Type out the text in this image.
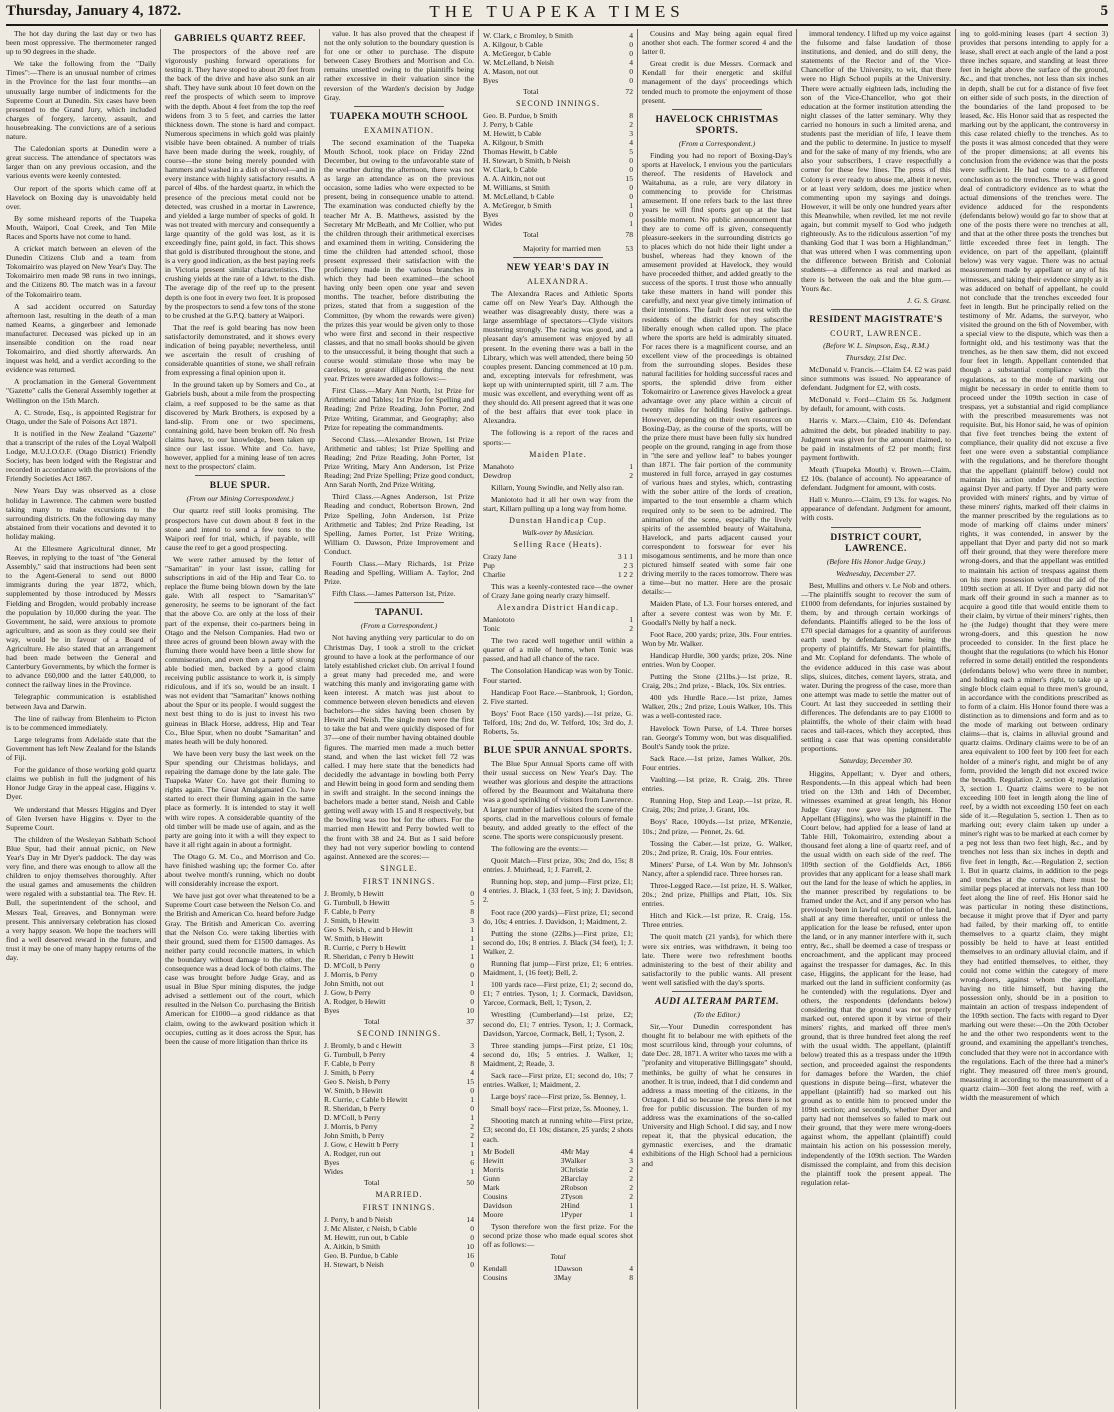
Thursday, January 4, 1872.	THE TUAPEKA TIMES	5

The hot day during the last day or two has been most oppressive. The thermometer ranged up to 90 degrees in the shade.

We take the following from the "Daily Times":—There is an unusual number of crimes in the Province for the last four months—an unusually large number of indictments for the Supreme Court at Dunedin. Six cases have been presented to the Grand Jury, which included charges of forgery, larceny, assault, and housebreaking. The convictions are of a serious nature.

The Caledonian sports at Dunedin were a great success. The attendance of spectators was larger than on any previous occasion, and the various events were keenly contested.

Our report of the sports which came off at Havelock on Boxing day is unavoidably held over.

By some misheard reports of the Tuapeka Mouth, Waipori, Coal Creek, and Ten Mile Races and Sports have not come to hand.

A cricket match between an eleven of the Dunedin Citizens Club and a team from Tokomairiro was played on New Year's Day. The Tokomairiro men made 98 runs in two innings, and the Citizens 80. The match was in a favour of the Tokomairiro team.

A sad accident occurred on Saturday afternoon last, resulting in the death of a man named Kearns, a gingerbeer and lemonade manufacturer. Deceased was picked up in an insensible condition on the road near Tokomairiro, and died shortly afterwards. An inquest was held, and a verdict according to the evidence was returned.

A proclamation in the General Government "Gazette" calls the General Assembly together at Wellington on the 15th March.

A. C. Strode, Esq., is appointed Registrar for Otago, under the Sale of Poisons Act 1871.

It is notified in the New Zealand "Gazette" that a transcript of the rules of the Loyal Walpoll Lodge, M.U.I.O.O.F. (Otago District) Friendly Society, has been lodged with the Registrar and recorded in accordance with the provisions of the Friendly Societies Act 1867.

New Years Day was observed as a close holiday in Lawrence. The cabmen were bustled taking many to make excursions to the surrounding districts. On the following day many abstained from their vocations and devoted it to holiday making.

At the Ellesmere Agricultural dinner, Mr Reeves, in replying to the toast of "the General Assembly," said that instructions had been sent to the Agent-General to send out 8000 immigrants during the year 1872, which, supplemented by those introduced by Messrs Fielding and Brogden, would probably increase the population by 10,000 during the year. The Government, he said, were anxious to promote agriculture, and as soon as they could see their way, would be in favour of a Board of Agriculture. He also stated that an arrangement had been made between the General and Canterbury Governments, by which the former is to advance £60,000 and the latter £40,000, to connect the railway lines in the Province.

Telegraphic communication is established between Java and Darwin.

The line of railway from Blenheim to Picton is to be commenced immediately.

Large telegrams from Adelaide state that the Government has left New Zealand for the Islands of Fiji.

For the guidance of those working gold quartz claims we publish in full the judgment of his Honor Judge Gray in the appeal case, Higgins v. Dyer.

We understand that Messrs Higgins and Dyer of Glen Iversen have Higgins v. Dyer to the Supreme Court.

The children of the Wesleyan Sabbath School Blue Spur, had their annual picnic, on New Year's Day in Mr Dyer's paddock. The day was very fine, and there was enough to allow all the children to enjoy themselves thoroughly. After the usual games and amusements the children were regaled with a substantial tea. The Rev. H. Bull, the superintendent of the school, and Messrs Teal, Greaves, and Bonnyman were present. This anniversary celebration has closed a very happy season. We hope the teachers will find a well deserved reward in the future, and trust it may be one of many happy returns of the day.

GABRIELS QUARTZ REEF.

The prospectors of the above reef are vigorously pushing forward operations for testing it. They have stoped to about 20 feet from the back of the drive and have also sunk an air shaft. They have sunk about 10 feet down on the reef the prospects of which seem to improve with the depth. About 4 feet from the top the reef widens from 3 to 5 feet, and carries the latter thickness down. The stone is hard and compact. Numerous specimens in which gold was plainly visible have been obtained. A number of trials have been made during the week, roughly, of course—the stone being merely pounded with hammers and washed in a dish or shovel—and in every instance with highly satisfactory results. A parcel of 4lbs. of the hardest quartz, in which the presence of the precious metal could not be detected, was crushed in a mortar in Lawrence, and yielded a large number of specks of gold. It was not treated with mercury and consequently a large quantity of the gold was lost, as it is exceedingly fine, paint gold, in fact. This shows that gold is distributed throughout the stone, and is a very good indication, as the best paying reefs in Victoria present similar characteristics. The crushing yields at the rate of a 1dwt. to the dish. The average dip of the reef up to the present depth is one foot in every two feet. It is proposed by the prospectors to send a few tons of the stone to be crushed at the G.P.Q. battery at Waipori.

That the reef is gold bearing has now been satisfactorily demonstrated, and it shows every indication of being payable; nevertheless, until we ascertain the result of crushing of considerable quantities of stone, we shall refrain from expressing a final opinion upon it.

In the ground taken up by Somers and Co., at Gabriels bush, about a mile from the prospecting claim, a reef supposed to be the same as that discovered by Mark Brothers, is exposed by a land-slip. From one or two specimens, containing gold, have been broken off. No fresh claims have, to our knowledge, been taken up since our last issue. White and Co. have, however, applied for a mining lease of ten acres next to the prospectors' claim.

BLUE SPUR.

(From our Mining Correspondent.)

Our quartz reef still looks promising. The prospectors have cut down about 8 feet in the stone and intend to send a few tons to the Waipori reef for trial, which, if payable, will cause the reef to get a good prospecting.

We were rather amused by the letter of "Samaritan" in your last issue, calling for subscriptions in aid of the Hip and Tear Co. to replace the flume being blown down by the late gale. With all respect to "Samaritan's" generosity, he seems to be ignorant of the fact that the above Co. are only at the loss of their part of the expense, their co-partners being in Otago and the Nelson Companies. Had two or three acres of ground been blown away with the fluming there would have been a little show for commiseration, and even then a party of strong able bodied men, backed by a good claim receiving public assistance to work it, is simply ridiculous, and if it's so, would be an insult. I was not evident that "Samaritan" knows nothing about the Spur or its people. I would suggest the next best thing to do is just to invest his two guineas in Black Horse, address, Hip and Tear Co., Blue Spur, when no doubt "Samaritan" and mates heath will be duly honored.

We have been very busy the last week on the Spur spending our Christmas holidays, and repairing the damage done by the late gale. The Tuapeka Water Co. have got their fluming to rights again. The Great Amalgamated Co. have started to erect their fluming again in the same place as formerly. It is intended to stay it well with wire ropes. A considerable quantity of the old timber will be made use of again, and as the party are going into it with a will they expect to have it all right again in about a fortnight.

The Otago G. M. Co., and Morrison and Co. have finished washing up; the former Co. after about twelve month's running, which no doubt will considerably increase the export.

We have just got over what threatened to be a Supreme Court case between the Nelson Co. and the British and American Co. heard before Judge Gray. The British and American Co. averring that the Nelson Co. were taking liberties with their ground, sued them for £1500 damages. As neither party could reconcile matters, in which the boundary without damage to the other, the consequence was a dead lock of both claims. The case was brought before Judge Gray, and as usual in Blue Spur mining disputes, the judge advised a settlement out of the court, which resulted in the Nelson Co. purchasing the British American for £1000—a good riddance as that claim, owing to the awkward position which it occupies, cutting as it does across the Spur, has been the cause of more litigation than thrice its

value. It has also proved that the cheapest if not the only solution to the boundary question is for one or other to purchase. The dispute between Casey Brothers and Morrison and Co. remains unsettled owing to the plaintiffs being rather excessive in their valuation since the reversion of the Warden's decision by Judge Gray.

TUAPEKA MOUTH SCHOOL
EXAMINATION.

The second examination of the Tuapeka Mouth School, took place on Friday 22nd December, but owing to the unfavorable state of the weather during the afternoon, there was not as large an attendance as on the previous occasion, some ladies who were expected to be present, being in consequence unable to attend. The examination was conducted chiefly by the teacher Mr A. B. Matthews, assisted by the Secretary Mr McBeath, and Mr Collier, who put the children through their arithmetical exercises and examined them in writing. Considering the time the children had attended school, those present expressed their satisfaction with the proficiency made in the various branches in which they had been examined—the school having only been open one year and seven months. The teacher, before distributing the prizes, stated that from a suggestion of the Committee, (by whom the rewards were given) the prizes this year would be given only to those who were first and second in their respective classes, and that no small books should be given to the unsuccessful, it being thought that such a course would stimulate those who may be careless, to greater diligence during the next year. Prizes were awarded as follows:—

First Class.—Mary Ann North, 1st Prize for Arithmetic and Tables; 1st Prize for Spelling and Reading; 2nd Prize Reading, John Porter, 2nd Prize Writing, Grammar, and Geography; also Prize for repeating the commandments.

Second Class.—Alexander Brown, 1st Prize Arithmetic and tables; 1st Prize Spelling and Reading; 2nd Prize Reading, John Porter, 1st Prize Writing, Mary Ann Anderson, 1st Prize Reading; 2nd Prize Spelling; Prize good conduct, Ann Sarah North, 2nd Prize Writing.

Third Class.—Agnes Anderson, 1st Prize Reading and conduct, Robertson Brown, 2nd Prize Spelling, John Anderson, 1st Prize Arithmetic and Tables; 2nd Prize Reading, 1st Spelling, James Porter, 1st Prize Writing, William O. Dawson, Prize Improvement and Conduct.

Fourth Class.—Mary Richards, 1st Prize Reading and Spelling, William A. Taylor, 2nd Prize.

Fifth Class.—James Patterson 1st, Prize.

TAPANUI.

(From a Correspondent.)

Not having anything very particular to do on Christmas Day, I took a stroll to the cricket ground to have a look at the performance of our lately established cricket club. On arrival I found a great many had preceded me, and were watching this manly and invigorating game with keen interest. A match was just about to commence between eleven benedicts and eleven bachelors—the sides having been chosen by Hewitt and Neish. The single men were the first to take the bat and were quickly disposed of for 37—one of their number having obtained double figures. The married men made a much better stand, and when the last wicket fell 72 was called. I may here state that the benedicts had decidedly the advantage in bowling both Perry and Hewitt being in good form and sending them in swift and straight. In the second innings the bachelors made a better stand, Neish and Cable getting well away with 15 and 8 respectively, but the bowling was too hot for the others. For the married men Hewitt and Perry bowled well to the front with 38 and 24. But as I said before they had not very superior bowling to contend against. Annexed are the scores:—

SINGLE.
FIRST INNINGS.
J. Bromly, b Hewitt	0
G. Turnbull, b Hewitt	5
F. Cable, b Perry	8
J. Smith, b Hewitt	3
Geo S. Neish, c and b Hewitt	1
W. Smith, b Hewitt	1
R. Currie, c Perry b Hewitt	1
R. Sheridan, c Perry b Hewitt	1
D. M'Coll, b Perry	0
J. Morris, b Perry	0
John Smith, not out	1
J. Gow, b Perry	0
A. Rodger, b Hewitt	0
Byes	10
Total	37
SECOND INNINGS.
J. Bromly, b and c Hewitt	3
G. Turnbull, b Perry	4
F. Cable, b Perry	8
J. Smith, b Perry	4
Geo S. Neish, b Perry	15
W. Smith, b Hewitt	0
R. Currie, c Cable b Hewitt	1
R. Sheridan, b Perry	0
D. M'Coll, b Perry	1
J. Morris, b Perry	2
John Smith, b Perry	2
J. Gow, c Hewitt b Perry	1
A. Rodger, run out	1
Byes	6
Wides	1
Total	50
MARRIED.
FIRST INNINGS.
J. Perry, b and b Neish	14
J. Mc Alister, c Neish, b Cable	0
M. Hewitt, run out, b Cable	0
A. Aitkin, b Smith	10
Geo. B. Purdue, b Cable	16
H. Stewart, b Neish	0
W. Clark, c Bromley, b Smith	4
A. Kilgour, b Cable	0
A. McGregor, b Cable	0
W. McLelland, b Neish	4
A. Mason, not out	0
Byes	0
Total	72
SECOND INNINGS.
Geo. B. Purdue, b Smith	8
J. Perry, b Cable	2
M. Hewitt, b Cable	3
A. Kilgour, b Smith	4
Thomas Hewitt, b Cable	5
H. Stewart, b Smith, b Neish	0
W. Clark, b Cable	0
A. A. Aitkin, not out	15
M. Williams, st Smith	0
M. McLelland, b Cable	0
A. McGregor, b Smith	1
Byes	0
Wides	1
Total	78
Majority for married men	53
NEW YEAR'S DAY IN
ALEXANDRA.

The Alexandra Races and Athletic Sports came off on New Year's Day. Although the weather was disagreeably dusty, there was a large assemblage of spectators—Clyde visitors mustering strongly. The racing was good, and a pleasant day's amusement was enjoyed by all present. In the evening there was a ball in the Library, which was well attended, there being 50 couples present. Dancing commenced at 10 p.m. and, excepting intervals for refreshment, was kept up with uninterrupted spirit, till 7 a.m. The music was excellent, and everything went off as they should do. All present agreed that it was one of the best affairs that ever took place in Alexandra.

The following is a report of the races and sports:—

Maiden Plate.
Manahoto	1
Dewdrop	2

Killarn, Young Swindle, and Nelly also ran.

Maniototo had it all her own way from the start, Killarn pulling up a long way from home.

Dunstan Handicap Cup.

Walk-over by Musician.

Selling Race (Heats).
Crazy Jane	3 1 1
Pup	2 3
Charlie	1 2 2

This was a keenly-contested race—the owner of Crazy Jane going nearly crazy himself.

Alexandra District Handicap.
Maniototo	1
Tonic	2

The two raced well together until within a quarter of a mile of home, when Tonic was passed, and had all chance of the race.

The Consolation Handicap was won by Tonic. Four started.

Handicap Foot Race.—Stanbrook, 1; Gordon, 2. Five started.

Boys' Foot Race (150 yards).—1st prize, G. Telford, 10s; 2nd do, W. Telford, 10s; 3rd do, J. Roberts, 5s.

BLUE SPUR ANNUAL SPORTS.

The Blue Spur Annual Sports came off with their usual success on New Year's Day. The weather was glorious and despite the attractions offered by the Beaumont and Waitahuna there was a good sprinkling of visitors from Lawrence. A larger number of ladies visited the scene of the sports, clad in the marvellous colours of female beauty, and added greatly to the effect of the scene. The sports were conspicuously present.

The following are the events:—

Quoit Match—First prize, 30s; 2nd do, 15s; 8 entries. J. Muirhead, 1; J. Farrell, 2.

Running hop, step, and jump—First prize, £1; 4 entries. J. Black, 1 (33 feet, 5 in); J. Davidson, 2.

Foot race (200 yards)—First prize, £1; second do, 10s; 4 entries. J. Davidson, 1; Maidment, 2.

Putting the stone (22lbs.)—First prize, £1; second do, 10s; 8 entries. J. Black (34 feet), 1; J. Walker, 2.

Running flat jump—First prize, £1; 6 entries. Maidment, 1, (16 feet); Bell, 2.

100 yards race—First prize, £1; 2; second do, £1; 7 entries. Tyson, 1; J. Cormack, Davidson, Yarcoe, Cormack, Bell, 1; Tyson, 2.

Wrestling (Cumberland)—1st prize, £2; second do, £1; 7 entries. Tyson, 1; J. Cormack, Davidson, Yarcoe, Cormack, Bell, 1; Tyson, 2.

Three standing jumps—First prize, £1 10s; second do, 10s; 5 entries. J. Walker, 1; Maidment, 2; Reade, 3.

Sack race—First prize, £1; second do, 10s; 7 entries. Walker, 1; Maidment, 2.

Large boys' race—First prize, 5s. Benney, 1.

Small boys' race—First prize, 5s. Mooney, 1.

Shooting match at running white—First prize, £3; second do, £1 10s; distance, 25 yards; 2 shots each.

Mr Bodell	4	Mr May	4
Hewitt	3	Walker	3
Morris	3	Christie	2
Gunn	2	Barclay	2
Mark	2	Robson	2
Cousins	2	Tyson	2
Davidson	2	Hind	1
Moore	1	Pyper	1

Tyson therefore won the first prize. For the second prize those who made equal scores shot off as follows:—

Total

Kendall	1	Dawson	4
Cousins	3	May	8

Cousins and May being again equal fired another shot each. The former scored 4 and the latter 0.

Great credit is due Messrs. Cormack and Kendall for their energetic and skilful management of the days' proceedings which tended much to promote the enjoyment of those present.

HAVELOCK CHRISTMAS SPORTS.

(From a Correspondent.)

Finding you had no report of Boxing-Day's sports at Havelock, I envious you the particulars thereof. The residents of Havelock and Waitahuna, as a rule, are very dilatory in commencing to provide for Christmas amusement. If one refers back to the last three years he will find sports got up at the last possible moment. No public announcement that they are to come off is given, consequently pleasure-seekers in the surrounding districts go to places which do not hide their light under a bushel, whereas had they known of the amusement provided at Havelock, they would have proceeded thither, and added greatly to the success of the sports. I trust those who annually take these matters in hand will ponder this carefully, and next year give timely intimation of their intentions. The fault does not rest with the residents of the district for they subscribe liberally enough when called upon. The place where the sports are held is admirably situated. For races there is a magnificent course, and an excellent view of the proceedings is obtained from the surrounding slopes. Besides these natural facilities for holding successful races and sports, the splendid drive from either Tokomairiro or Lawrence gives Havelock a great advantage over any place within a circuit of twenty miles for holding festive gatherings. However, depending on their own resources on Boxing-Day, as the course of the sports, will be the prize there must have been fully six hundred people on the ground, ranging in age from those in "the sere and yellow leaf" to babes younger than 1871. The fair portion of the community mustered in full force, arrayed in gay costumes of various hues and styles, which, contrasting with the sober attire of the lords of creation, imparted to the tout ensemble a charm which required only to be seen to be admired. The animation of the scene, especially the lively spirits of the assembled beauty of Waitahuna, Havelock, and parts adjacent caused your correspondent to forswear for ever his misogamous sentiments, and he more than once pictured himself seated with some fair one driving merrily to the races tomorrow. There was a time—but no matter. Here are the prosaic details:—

Maiden Plate, of L3. Four horses entered, and after a severe contest was won by Mr. F. Goodall's Nelly by half a neck.

Foot Race, 200 yards; prize, 30s. Four entries. Won by Mr. Walker.

Handicap Hurdle, 300 yards; prize, 20s. Nine entries. Won by Cooper.

Putting the Stone (21lbs.)—1st prize, R. Craig, 20s.; 2nd prize, - Black, 10s. Six entries.

400 yds Hurdle Race.—1st prize, James Walker, 20s.; 2nd prize, Louis Walker, 10s. This was a well-contested race.

Havelock Town Purse, of L4. Three horses ran. George's Tommy won, but was disqualified. Boult's Sandy took the prize.

Sack Race.—1st prize, James Walker, 20s. Four entries.

Vaulting.—1st prize, R. Craig, 20s. Three entries.

Running Hop, Step and Leap.—1st prize, R. Craig, 20s; 2nd prize, J. Grant, 10s.

Boys' Race, 100yds.—1st prize, M'Kenzie, 10s.; 2nd prize, — Pennet, 2s. 6d.

Tossing the Caber.—1st prize, G. Walker, 20s.; 2nd prize, R. Craig, 10s. Four entries.

Miners' Purse, of L4. Won by Mr. Johnson's Nancy, after a splendid race. Three horses ran.

Three-Legged Race.—1st prize, H. S. Walker, 20s.; 2nd prize, Phillips and Platt, 10s. Six entries.

Hitch and Kick.—1st prize, R. Craig, 15s. Three entries.

The quoit match (21 yards), for which there were six entries, was withdrawn, it being too late. There were two refreshment booths administering to the best of their ability and satisfactorily to the public wants. All present went well satisfied with the day's sports.

AUDI ALTERAM PARTEM.

(To the Editor.)

Sir,—Your Dunedin correspondent has thought fit to belabour me with epithets of the most scurrilous kind, through your columns, of date Dec. 28, 1871. A writer who taxes me with a "profanity and vituperative Billingsgate" should, methinks, be guilty of what he censures in another. It is true, indeed, that I did condemn and address a mass meeting of the citizens, in the Octagon. I did so because the press there is not free for public discussion. The burden of my address was the examinations of the so-called University and High School. I did say, and I now repeat it, that the physical education, the gymnastic exercises, and the dramatic exhibitions of the High School had a pernicious and

immoral tendency. I lifted up my voice against the fulsome and false laudation of those institutions, and denied, and do still deny, the statements of the Rector and of the Vice-Chancellor of the University, to wit, that there were no High School pupils at the University. There were actually eighteen lads, including the son of the Vice-Chancellor, who got their education at the former institution attending the night classes of the latter seminary. Why they carried no honours in such a limited arena, and students past the meridian of life, I leave them and the public to determine. In justice to myself and for the sake of many of my friends, who are also your subscribers, I crave respectfully a corner for these few lines. The press of this Colony is ever ready to abuse me, albeit it never, or at least very seldom, does me justice when commenting upon my sayings and doings. However, it will be only one hundred years after this Meanwhile, when reviled, let me not revile again, but commit myself to God who judgeth righteously. As to the ridiculous assertion "of my thanking God that I was born a Highlandman," that was uttered when I was commenting upon the difference between British and Colonial students—a difference as real and marked as there is between the oak and the blue gum.—Yours &c.

J. G. S. Grant.

RESIDENT MAGISTRATE'S
COURT, LAWRENCE.

(Before W. L. Simpson, Esq., R.M.)

Thursday, 21st Dec.

McDonald v. Francis.—Claim £4. £2 was paid since summons was issued. No appearance of defendant. Judgment for £2, with costs.

McDonald v. Ford—Claim £6 5s. Judgment by default, for amount, with costs.

Harris v. Marx.—Claim, £10 4s. Defendant admitted the debt, but pleaded inability to pay. Judgment was given for the amount claimed, to be paid in instalments of £2 per month; first payment forthwith.

Meath (Tuapeka Mouth) v. Brown.—Claim, £2 10s. (balance of account). No appearance of defendant. Judgment for amount, with costs.

Hall v. Munro.—Claim, £9 13s. for wages. No appearance of defendant. Judgment for amount, with costs.

DISTRICT COURT, LAWRENCE.

(Before His Honor Judge Gray.)

Wednesday, December 27.

Best, Mullins and others v. Le Nob and others.—The plaintiffs sought to recover the sum of £1000 from defendants, for injuries sustained by them, by and through certain workings of defendants. Plaintiffs alleged to be the loss of £70 special damages for a quantity of auriferous earth used by defendants, same being the property of plaintiffs. Mr Stewart for plaintiffs, and Mr. Copland for defendants. The whole of the evidence adduced in this case was about slips, sluices, ditches, cement layers, strata, and water. During the progress of the case, more than one attempt was made to settle the matter out of Court. At last they succeeded in settling their differences. The defendants are to pay £1000 to plaintiffs, the whole of their claim with head races and tail-races, which they accepted, thus settling a case that was opening considerable proportions.

Saturday, December 30.

Higgins, Appellant; v. Dyer and others, Respondents.—In this appeal which had been tried on the 13th and 14th of December, witnesses examined at great length, his Honor Judge Gray now gave his judgment. The Appellant (Higgins), who was the plaintiff in the Court below, had applied for a lease of land at Table Hill, Tokomairiro, extending about a thousand feet along a line of quartz reef, and of the usual width on each side of the reef. The 109th section of the Goldfields Act, 1866 provides that any applicant for a lease shall mark out the land for the lease of which he applies, in the manner prescribed by regulations to be framed under the Act, and if any person who has previously been in lawful occupation of the land, shall at any time thereafter, until or unless the application for the lease be refused, enter upon the land, or in any manner interfere with it, such entry, &c., shall be deemed a case of trespass or encroachment, and the applicant may proceed against the trespasser for damages, &c. In this case, Higgins, the applicant for the lease, had marked out the land in sufficient conformity (as he contended) with the regulations. Dyer and others, the respondents (defendants below) considering that the ground was not properly marked out, entered upon it by virtue of their miners' rights, and marked off three men's ground, that is three hundred feet along the reef with the usual width. The appellant, (plaintiff below) treated this as a trespass under the 109th section, and proceeded against the respondents for damages before the Warden, the chief questions in dispute being—first, whatever the appellant (plaintiff) had so marked out his ground as to entitle him to proceed under the 109th section; and secondly, whether Dyer and party had not themselves so failed to mark out their ground, that they were mere wrong-doers against whom, the appellant (plaintiff) could maintain his action on his possession merely, independently of the 109th section. The Warden dismissed the complaint, and from this decision the plaintiff took the present appeal. The regulation relat-

ing to gold-mining leases (part 4 section 3) provides that persons intending to apply for a lease, shall erect at each angle of the land a post three inches square, and standing at least three feet in height above the surface of the ground, &c., and that trenches, not less than six inches in depth, shall be cut for a distance of five feet on either side of such posts, in the direction of the boundaries of the land proposed to be leased, &c. His Honor said that as respected the marking out by the applicant, the controversy in this case related chiefly to the trenches. As to the posts it was almost conceded that they were of the proper dimensions; at all events his conclusion from the evidence was that the posts were sufficient. He had come to a different conclusion as to the trenches. There was a good deal of contradictory evidence as to what the actual dimensions of the trenches were. The evidence adduced for the respondents (defendants below) would go far to show that at one of the posts there were no trenches at all, and that at the other three posts the trenches but little exceeded three feet in length. The evidence, on part of the appellant, (plaintiff below) was very vague. There was no actual measurement made by appellant or any of his witnesses, and taking their evidence simply as it was adduced on behalf of appellant, he could not conclude that the trenches exceeded four feet in length. But he principally relied on the testimony of Mr. Adams, the surveyor, who visited the ground on the 6th of November, with a special view to the dispute, which was then a fortnight old, and his testimony was that the trenches, as he then saw them, did not exceed four feet in length. Appellant contended that though a substantial compliance with the regulations, as to the mode of marking out might be necessary in order to entitle them to proceed under the 109th section in case of trespass, yet a substantial and rigid compliance with the prescribed measurements was not requisite. But, his Honor said, he was of opinion that five feet trenches being the extent of compliance, their quality did not excuse a five feet one were even a substantial compliance with the regulations, and he therefore thought that the appellant (plaintiff below) could not maintain his action under the 109th section against Dyer and party. If Dyer and party were provided with miners' rights, and by virtue of these miners' rights, marked off their claims in the manner prescribed by the regulations as to mode of marking off claims under miners' rights, it was contended, in answer by the appellant that Dyer and party did not so mark off their ground, that they were therefore mere wrong-doers, and that the appellant was entitled to maintain his action of trespass against them on his mere possession without the aid of the 109th section at all. If Dyer and party did not mark off their ground in such a manner as to acquire a good title that would entitle them to their claim, by virtue of their miners' rights, then he (the Judge) thought that they were mere wrong-doers, and this question he now proceeded to consider. In the first place he thought that the regulations (to which his Honor referred in some detail) entitled the respondents (defendants below) who were three in number, and holding each a miner's right, to take up a single block claim equal to three men's ground, in accordance with the conditions prescribed as to form of a claim. His Honor found there was a distinction as to dimensions and form and as to the mode of marking out between ordinary claims—that is, claims in alluvial ground and quartz claims. Ordinary claims were to be of an area equivalent to 100 feet by 100 feet for each holder of a miner's right, and might be of any form, provided the length did not exceed twice the breadth. Regulation 2, section 4; regulation 3, section 1. Quartz claims were to be not exceeding 100 feet in length along the line of reef, by a width not exceeding 150 feet on each side of it.—Regulation 5, section 1. Then as to marking out; every claim taken up under a miner's right was to be marked at each corner by a peg not less than two feet high, &c., and by trenches not less than six inches in depth and five feet in length, &c.—Regulation 2, section 1. But in quartz claims, in addition to the pegs and trenches at the corners, there must be similar pegs placed at intervals not less than 100 feet along the line of reef. His Honor said he was particular in noting these distinctions, because it might prove that if Dyer and party had failed, by their marking off, to entitle themselves to a quartz claim, they might possibly be held to have at least entitled themselves to an ordinary alluvial claim, and if they had entitled themselves, to either, they could not come within the category of mere wrong-doers, against whom the appellant, having no title himself, but having the possession only, should be in a position to maintain an action of trespass independent of the 109th section. The facts with regard to Dyer marking out were these:—On the 20th October he and the other two respondents went to the ground, and examining the appellant's trenches, concluded that they were not in accordance with the regulations. Each of the three had a miner's right. They measured off three men's ground, measuring it according to the measurement of a quartz claim—300 feet along the reef, with a width the measurement of which
